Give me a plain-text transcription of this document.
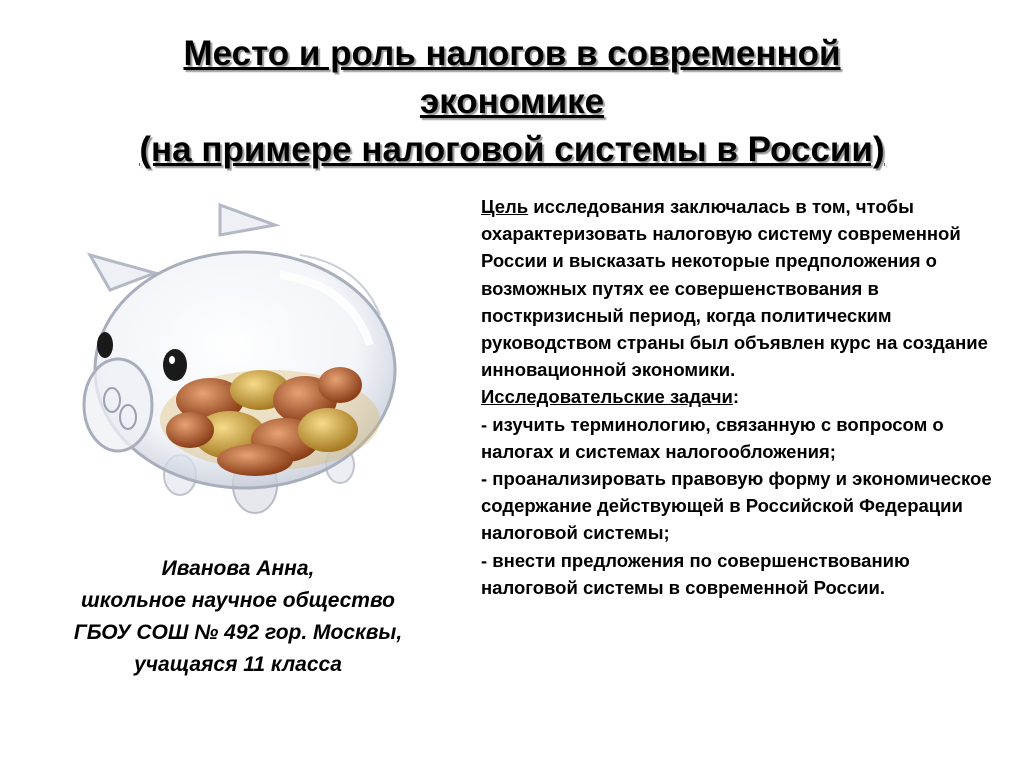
Место и роль налогов в современной
экономике
(на примере налоговой системы в России)
Иванова Анна,
школьное научное общество
ГБОУ СОШ № 492 гор. Москвы,
учащаяся 11 класса
Цель исследования заключалась в том, чтобы охарактеризовать налоговую систему современной России и высказать некоторые предположения о возможных путях ее совершенствования в посткризисный период, когда политическим руководством страны был объявлен курс на создание инновационной экономики.
Исследовательские задачи:
- изучить терминологию, связанную с вопросом о налогах и системах налогообложения;
- проанализировать правовую форму и экономическое содержание действующей в Российской Федерации налоговой системы;
- внести предложения по совершенствованию налоговой системы в современной России.
